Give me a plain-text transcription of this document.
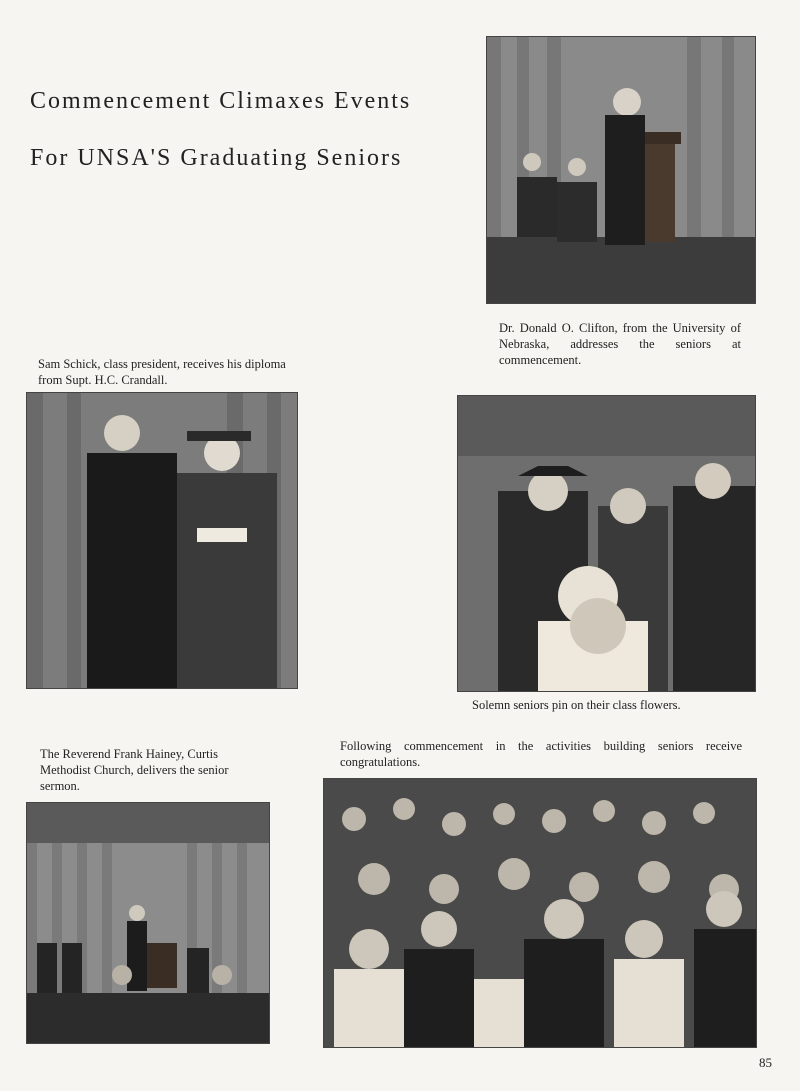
Commencement Climaxes Events
For UNSA'S Graduating Seniors

Dr. Donald O. Clifton, from the University of Nebraska, addresses the seniors at commencement.

Sam Schick, class president, receives his diploma from Supt. H.C. Crandall.

Solemn seniors pin on their class flowers.

The Reverend Frank Hainey, Curtis Methodist Church, delivers the senior sermon.

Following commencement in the activities building seniors receive congratulations.

85
